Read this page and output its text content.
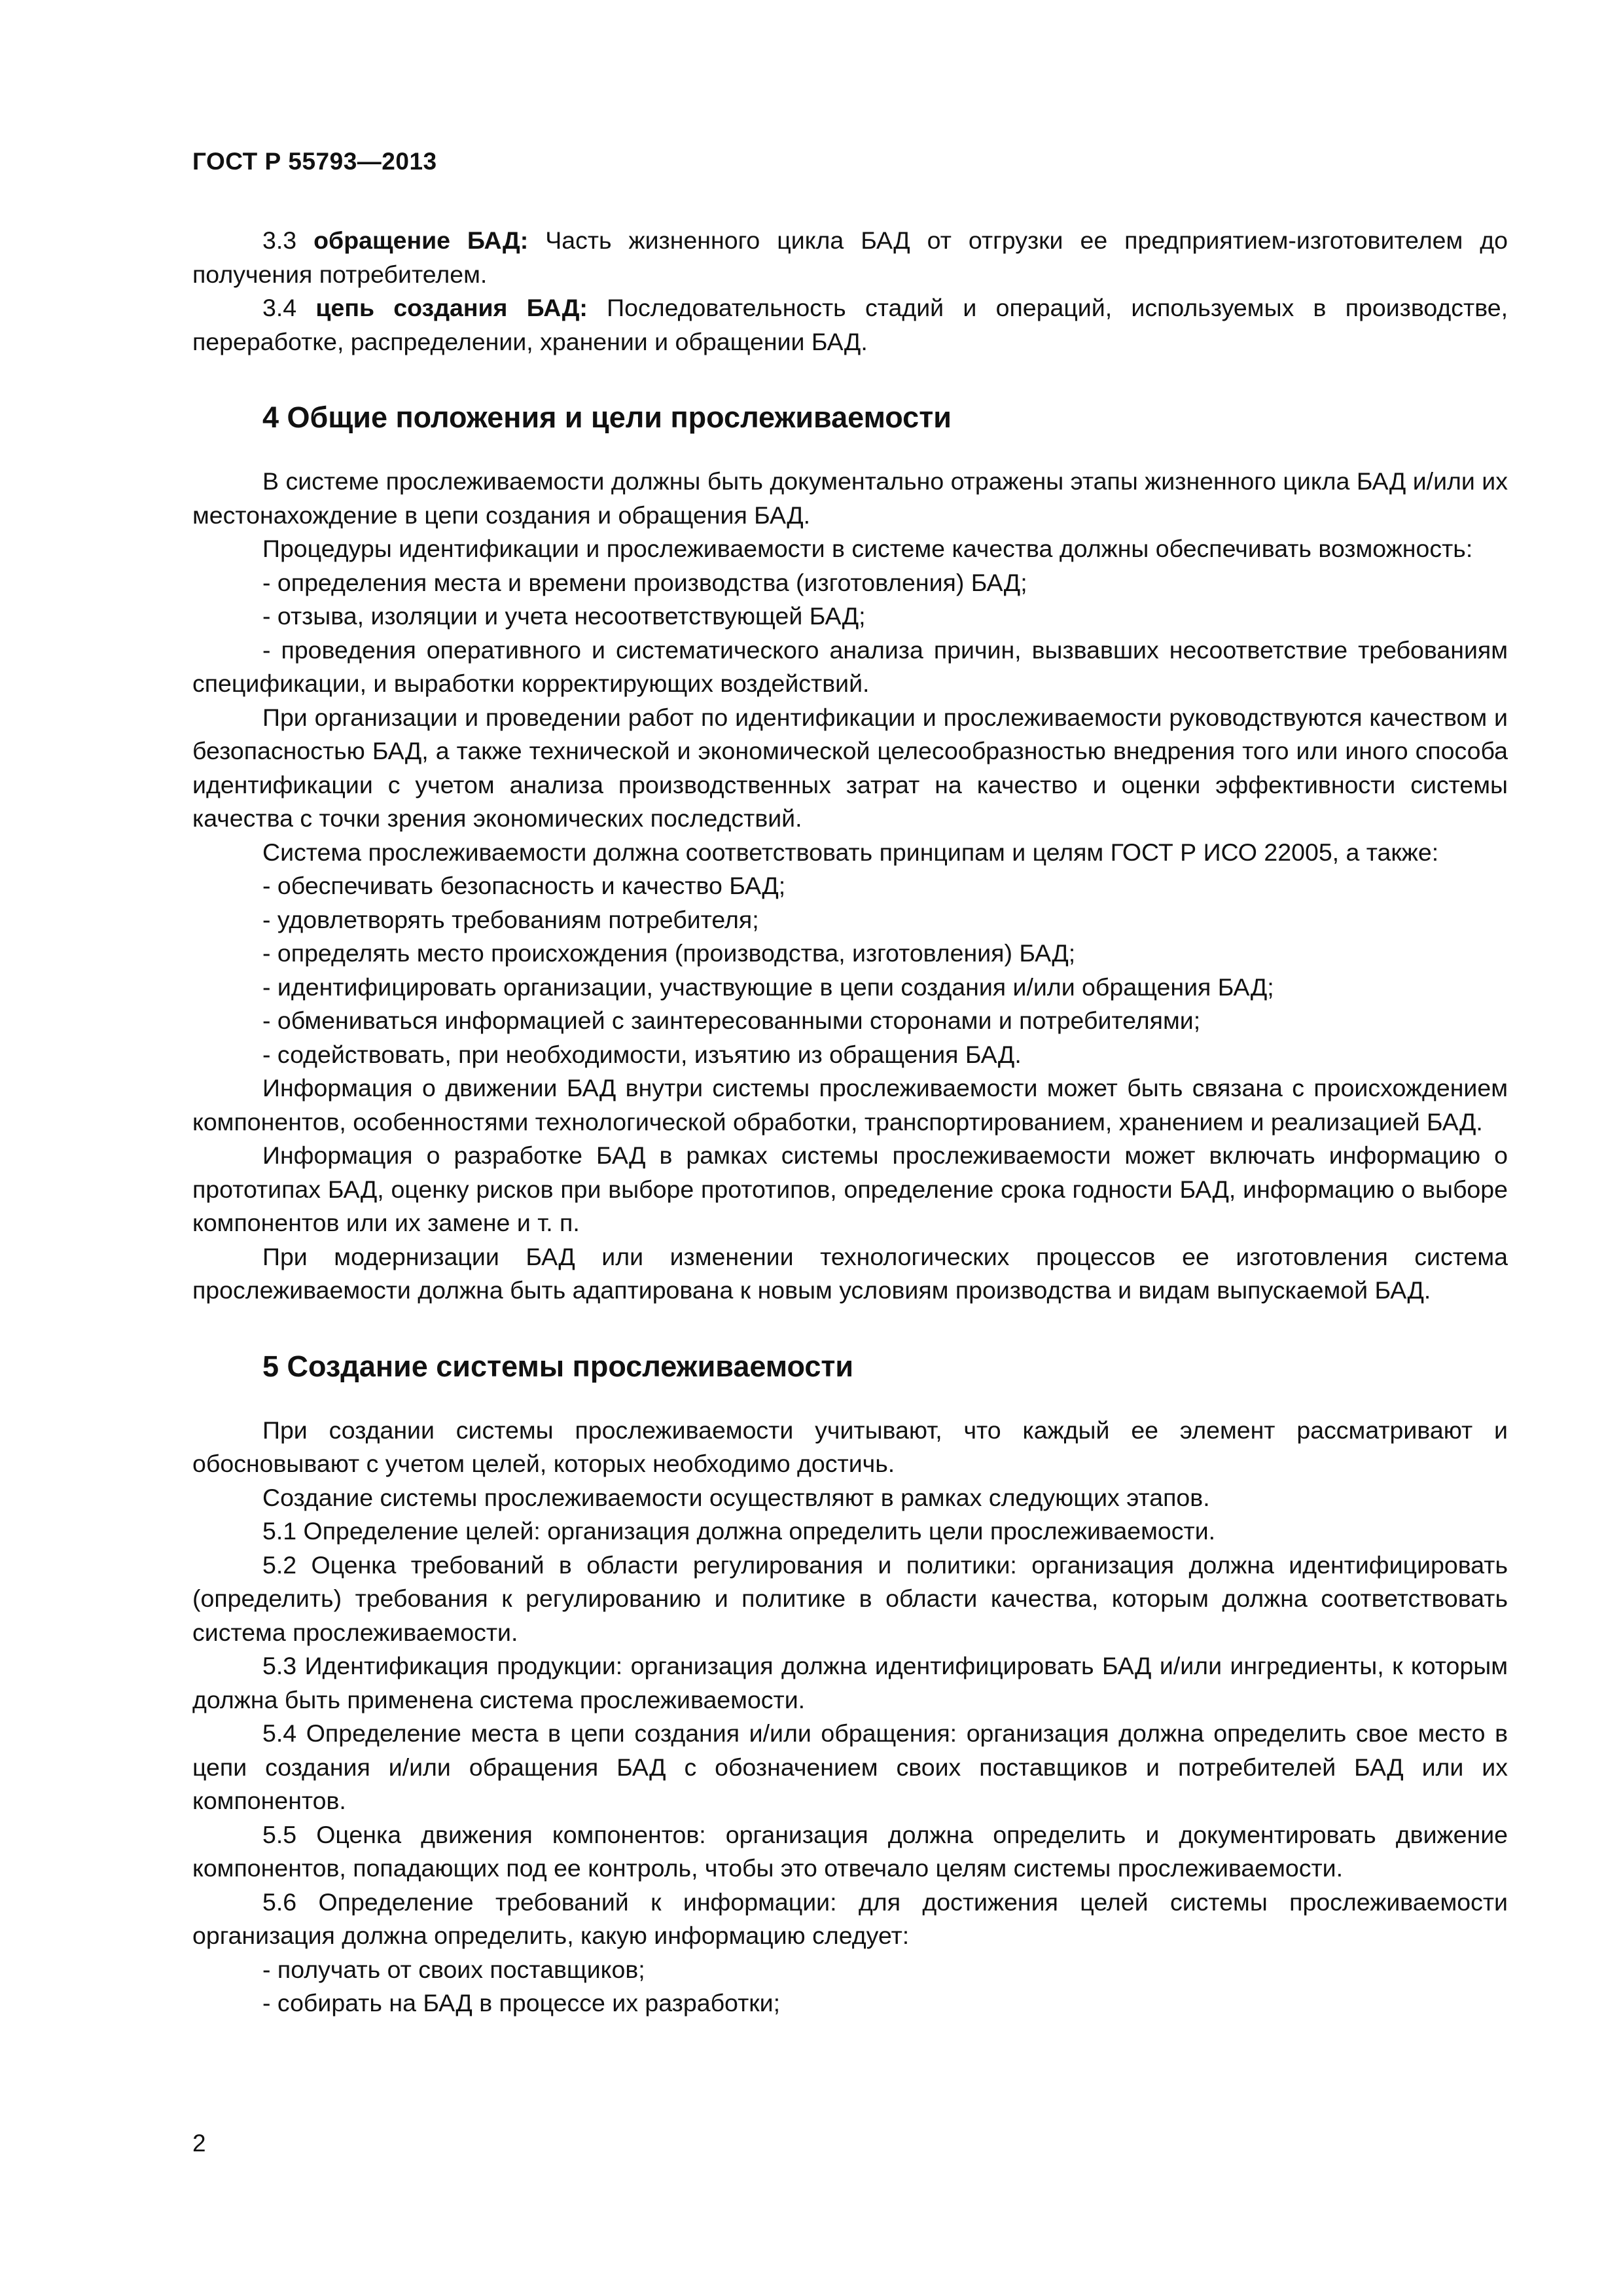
ГОСТ Р 55793—2013

3.3 обращение БАД: Часть жизненного цикла БАД от отгрузки ее предприятием-изготовителем до получения потребителем.

3.4 цепь создания БАД: Последовательность стадий и операций, используемых в производстве, переработке, распределении, хранении и обращении БАД.

4 Общие положения и цели прослеживаемости

В системе прослеживаемости должны быть документально отражены этапы жизненного цикла БАД и/или их местонахождение в цепи создания и обращения БАД.

Процедуры идентификации и прослеживаемости в системе качества должны обеспечивать возможность:

- определения места и времени производства (изготовления) БАД;

- отзыва, изоляции и учета несоответствующей БАД;

- проведения оперативного и систематического анализа причин, вызвавших несоответствие требованиям спецификации, и выработки корректирующих воздействий.

При организации и проведении работ по идентификации и прослеживаемости руководствуются качеством и безопасностью БАД, а также технической и экономической целесообразностью внедрения того или иного способа идентификации с учетом анализа производственных затрат на качество и оценки эффективности системы качества с точки зрения экономических последствий.

Система прослеживаемости должна соответствовать принципам и целям ГОСТ Р ИСО 22005, а также:

- обеспечивать безопасность и качество БАД;

- удовлетворять требованиям потребителя;

- определять место происхождения (производства, изготовления) БАД;

- идентифицировать организации, участвующие в цепи создания и/или обращения БАД;

- обмениваться информацией с заинтересованными сторонами и потребителями;

- содействовать, при необходимости, изъятию из обращения БАД.

Информация о движении БАД внутри системы прослеживаемости может быть связана с происхождением компонентов, особенностями технологической обработки, транспортированием, хранением и реализацией БАД.

Информация о разработке БАД в рамках системы прослеживаемости может включать информацию о прототипах БАД, оценку рисков при выборе прототипов, определение срока годности БАД, информацию о выборе компонентов или их замене и т. п.

При модернизации БАД или изменении технологических процессов ее изготовления система прослеживаемости должна быть адаптирована к новым условиям производства и видам выпускаемой БАД.

5 Создание системы прослеживаемости

При создании системы прослеживаемости учитывают, что каждый ее элемент рассматривают и обосновывают с учетом целей, которых необходимо достичь.

Создание системы прослеживаемости осуществляют в рамках следующих этапов.

5.1 Определение целей: организация должна определить цели прослеживаемости.

5.2 Оценка требований в области регулирования и политики: организация должна идентифицировать (определить) требования к регулированию и политике в области качества, которым должна соответствовать система прослеживаемости.

5.3 Идентификация продукции: организация должна идентифицировать БАД и/или ингредиенты, к которым должна быть применена система прослеживаемости.

5.4 Определение места в цепи создания и/или обращения: организация должна определить свое место в цепи создания и/или обращения БАД с обозначением своих поставщиков и потребителей БАД или их компонентов.

5.5 Оценка движения компонентов: организация должна определить и документировать движение компонентов, попадающих под ее контроль, чтобы это отвечало целям системы прослеживаемости.

5.6 Определение требований к информации: для достижения целей системы прослеживаемости организация должна определить, какую информацию следует:

- получать от своих поставщиков;

- собирать на БАД в процессе их разработки;

2
